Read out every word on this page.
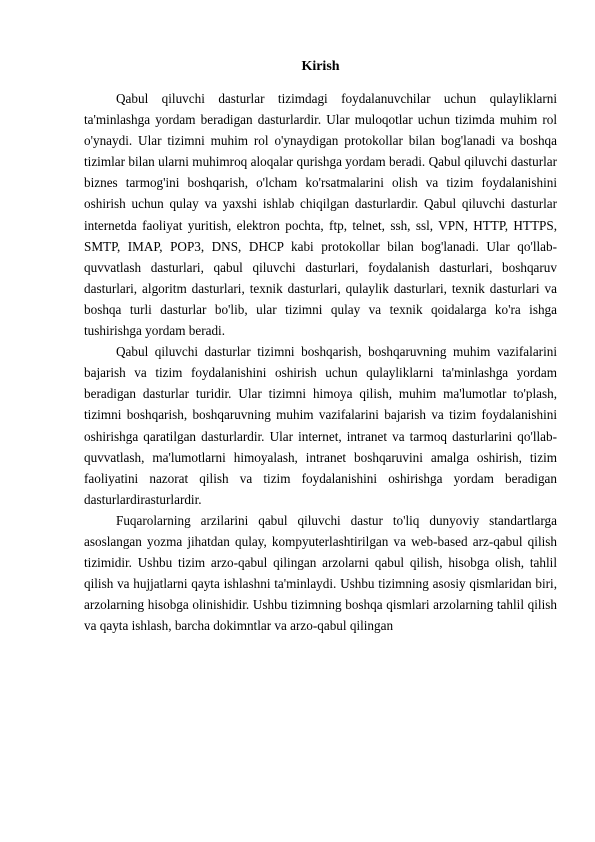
Kirish

Qabul qiluvchi dasturlar tizimdagi foydalanuvchilar uchun qulayliklarni ta'minlashga yordam beradigan dasturlardir. Ular muloqotlar uchun tizimda muhim rol o'ynaydi. Ular tizimni muhim rol o'ynaydigan protokollar bilan bog'lanadi va boshqa tizimlar bilan ularni muhimroq aloqalar qurishga yordam beradi. Qabul qiluvchi dasturlar biznes tarmog'ini boshqarish, o'lcham ko'rsatmalarini olish va tizim foydalanishini oshirish uchun qulay va yaxshi ishlab chiqilgan dasturlardir. Qabul qiluvchi dasturlar internetda faoliyat yuritish, elektron pochta, ftp, telnet, ssh, ssl, VPN, HTTP, HTTPS, SMTP, IMAP, POP3, DNS, DHCP kabi protokollar bilan bog'lanadi. Ular qo'llab-quvvatlash dasturlari, qabul qiluvchi dasturlari, foydalanish dasturlari, boshqaruv dasturlari, algoritm dasturlari, texnik dasturlari, qulaylik dasturlari, texnik dasturlari va boshqa turli dasturlar bo'lib, ular tizimni qulay va texnik qoidalarga ko'ra ishga tushirishga yordam beradi.

Qabul qiluvchi dasturlar tizimni boshqarish, boshqaruvning muhim vazifalarini bajarish va tizim foydalanishini oshirish uchun qulayliklarni ta'minlashga yordam beradigan dasturlar turidir. Ular tizimni himoya qilish, muhim ma'lumotlar to'plash, tizimni boshqarish, boshqaruvning muhim vazifalarini bajarish va tizim foydalanishini oshirishga qaratilgan dasturlardir. Ular internet, intranet va tarmoq dasturlarini qo'llab-quvvatlash, ma'lumotlarni himoyalash, intranet boshqaruvini amalga oshirish, tizim faoliyatini nazorat qilish va tizim foydalanishini oshirishga yordam beradigan dasturlardirasturlardir.

Fuqarolarning arzilarini qabul qiluvchi dastur to'liq dunyoviy standartlarga asoslangan yozma jihatdan qulay, kompyuterlashtirilgan va web-based arz-qabul qilish tizimidir. Ushbu tizim arzo-qabul qilingan arzolarni qabul qilish, hisobga olish, tahlil qilish va hujjatlarni qayta ishlashni ta'minlaydi. Ushbu tizimning asosiy qismlaridan biri, arzolarning hisobga olinishidir. Ushbu tizimning boshqa qismlari arzolarning tahlil qilish va qayta ishlash, barcha dokimntlar va arzo-qabul qilingan
